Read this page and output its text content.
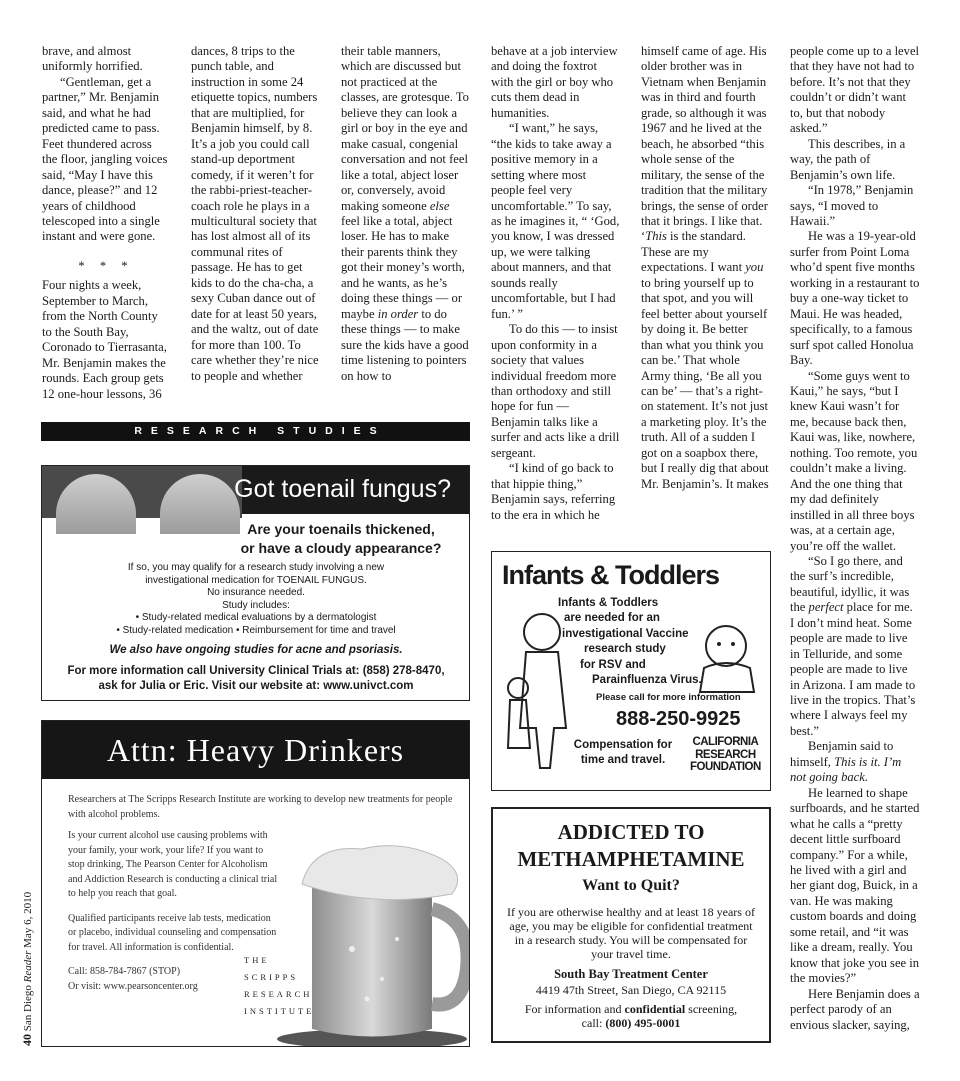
brave, and almost uniformly horrified.

“Gentleman, get a partner,” Mr. Benjamin said, and what he had predicted came to pass. Feet thundered across the floor, jangling voices said, “May I have this dance, please?” and 12 years of childhood telescoped into a single instant and were gone.

* * *

Four nights a week, September to March, from the North County to the South Bay, Coronado to Tierrasanta, Mr. Benjamin makes the rounds. Each group gets 12 one-hour lessons, 36

dances, 8 trips to the punch table, and instruction in some 24 etiquette topics, numbers that are multiplied, for Benjamin himself, by 8. It’s a job you could call stand-up deportment comedy, if it weren’t for the rabbi-priest-teacher-coach role he plays in a multicultural society that has lost almost all of its communal rites of passage. He has to get kids to do the cha-cha, a sexy Cuban dance out of date for at least 50 years, and the waltz, out of date for more than 100. To care whether they’re nice to people and whether

their table manners, which are discussed but not practiced at the classes, are grotesque. To believe they can look a girl or boy in the eye and make casual, congenial conversation and not feel like a total, abject loser or, conversely, avoid making someone else feel like a total, abject loser. He has to make their parents think they got their money’s worth, and he wants, as he’s doing these things — or maybe in order to do these things — to make sure the kids have a good time listening to pointers on how to

behave at a job interview and doing the foxtrot with the girl or boy who cuts them dead in humanities.

“I want,” he says, “the kids to take away a positive memory in a setting where most people feel very uncomfortable.” To say, as he imagines it, “ ‘God, you know, I was dressed up, we were talking about manners, and that sounds really uncomfortable, but I had fun.’ ”

To do this — to insist upon conformity in a society that values individual freedom more than orthodoxy and still hope for fun — Benjamin talks like a surfer and acts like a drill sergeant.

“I kind of go back to that hippie thing,” Benjamin says, referring to the era in which he

himself came of age. His older brother was in Vietnam when Benjamin was in third and fourth grade, so although it was 1967 and he lived at the beach, he absorbed “this whole sense of the military, the sense of the tradition that the military brings, the sense of order that it brings. I like that. ‘This is the standard. These are my expectations. I want you to bring yourself up to that spot, and you will feel better about yourself by doing it. Be better than what you think you can be.’ That whole Army thing, ‘Be all you can be’ — that’s a right-on statement. It’s not just a marketing ploy. It’s the truth. All of a sudden I got on a soapbox there, but I really dig that about Mr. Benjamin’s. It makes

people come up to a level that they have not had to before. It’s not that they couldn’t or didn’t want to, but that nobody asked.”

This describes, in a way, the path of Benjamin’s own life.

“In 1978,” Benjamin says, “I moved to Hawaii.”

He was a 19-year-old surfer from Point Loma who’d spent five months working in a restaurant to buy a one-way ticket to Maui. He was headed, specifically, to a famous surf spot called Honolua Bay.

“Some guys went to Kaui,” he says, “but I knew Kaui wasn’t for me, because back then, Kaui was, like, nowhere, nothing. Too remote, you couldn’t make a living. And the one thing that my dad definitely instilled in all three boys was, at a certain age, you’re off the wallet.

“So I go there, and the surf’s incredible, beautiful, idyllic, it was the perfect place for me. I don’t mind heat. Some people are made to live in Telluride, and some people are made to live in Arizona. I am made to live in the tropics. That’s where I always feel my best.”

Benjamin said to himself, This is it. I’m not going back.

He learned to shape surfboards, and he started what he calls a “pretty decent little surfboard company.” For a while, he lived with a girl and her giant dog, Buick, in a van. He was making custom boards and doing some retail, and “it was like a dream, really. You know that joke you see in the movies?”

Here Benjamin does a perfect parody of an envious slacker, saying,

40 San Diego Reader May 6, 2010
RESEARCH STUDIES
Got toenail fungus?
Are your toenails thickened,
or have a cloudy appearance?
If so, you may qualify for a research study involving a new
investigational medication for TOENAIL FUNGUS.
No insurance needed.
Study includes:
• Study-related medical evaluations by a dermatologist
• Study-related medication • Reimbursement for time and travel
We also have ongoing studies for acne and psoriasis.
For more information call University Clinical Trials at: (858) 278-8470,
ask for Julia or Eric. Visit our website at: www.univct.com
Attn: Heavy Drinkers
Researchers at The Scripps Research Institute are working to develop new treatments for people with alcohol problems.

Is your current alcohol use causing problems with your family, your work, your life? If you want to stop drinking, The Pearson Center for Alcoholism and Addiction Research is conducting a clinical trial to help you reach that goal.

Qualified participants receive lab tests, medication or placebo, individual counseling and compensation for travel. All information is confidential.

Call: 858-784-7867 (STOP)
Or visit: www.pearsoncenter.org

THE
SCRIPPS
RESEARCH
INSTITUTE
Infants & Toddlers
Infants & Toddlers
are needed for an
investigational Vaccine
research study
for RSV and
Parainfluenza Virus.
Please call for more information
888-250-9925
Compensation for
time and travel.
CALIFORNIA
RESEARCH
FOUNDATION
ADDICTED TO
METHAMPHETAMINE
Want to Quit?
If you are otherwise healthy and at least 18 years of age, you may be eligible for confidential treatment in a research study. You will be compensated for your travel time.
South Bay Treatment Center
4419 47th Street, San Diego, CA 92115
For information and confidential screening,
call: (800) 495-0001
